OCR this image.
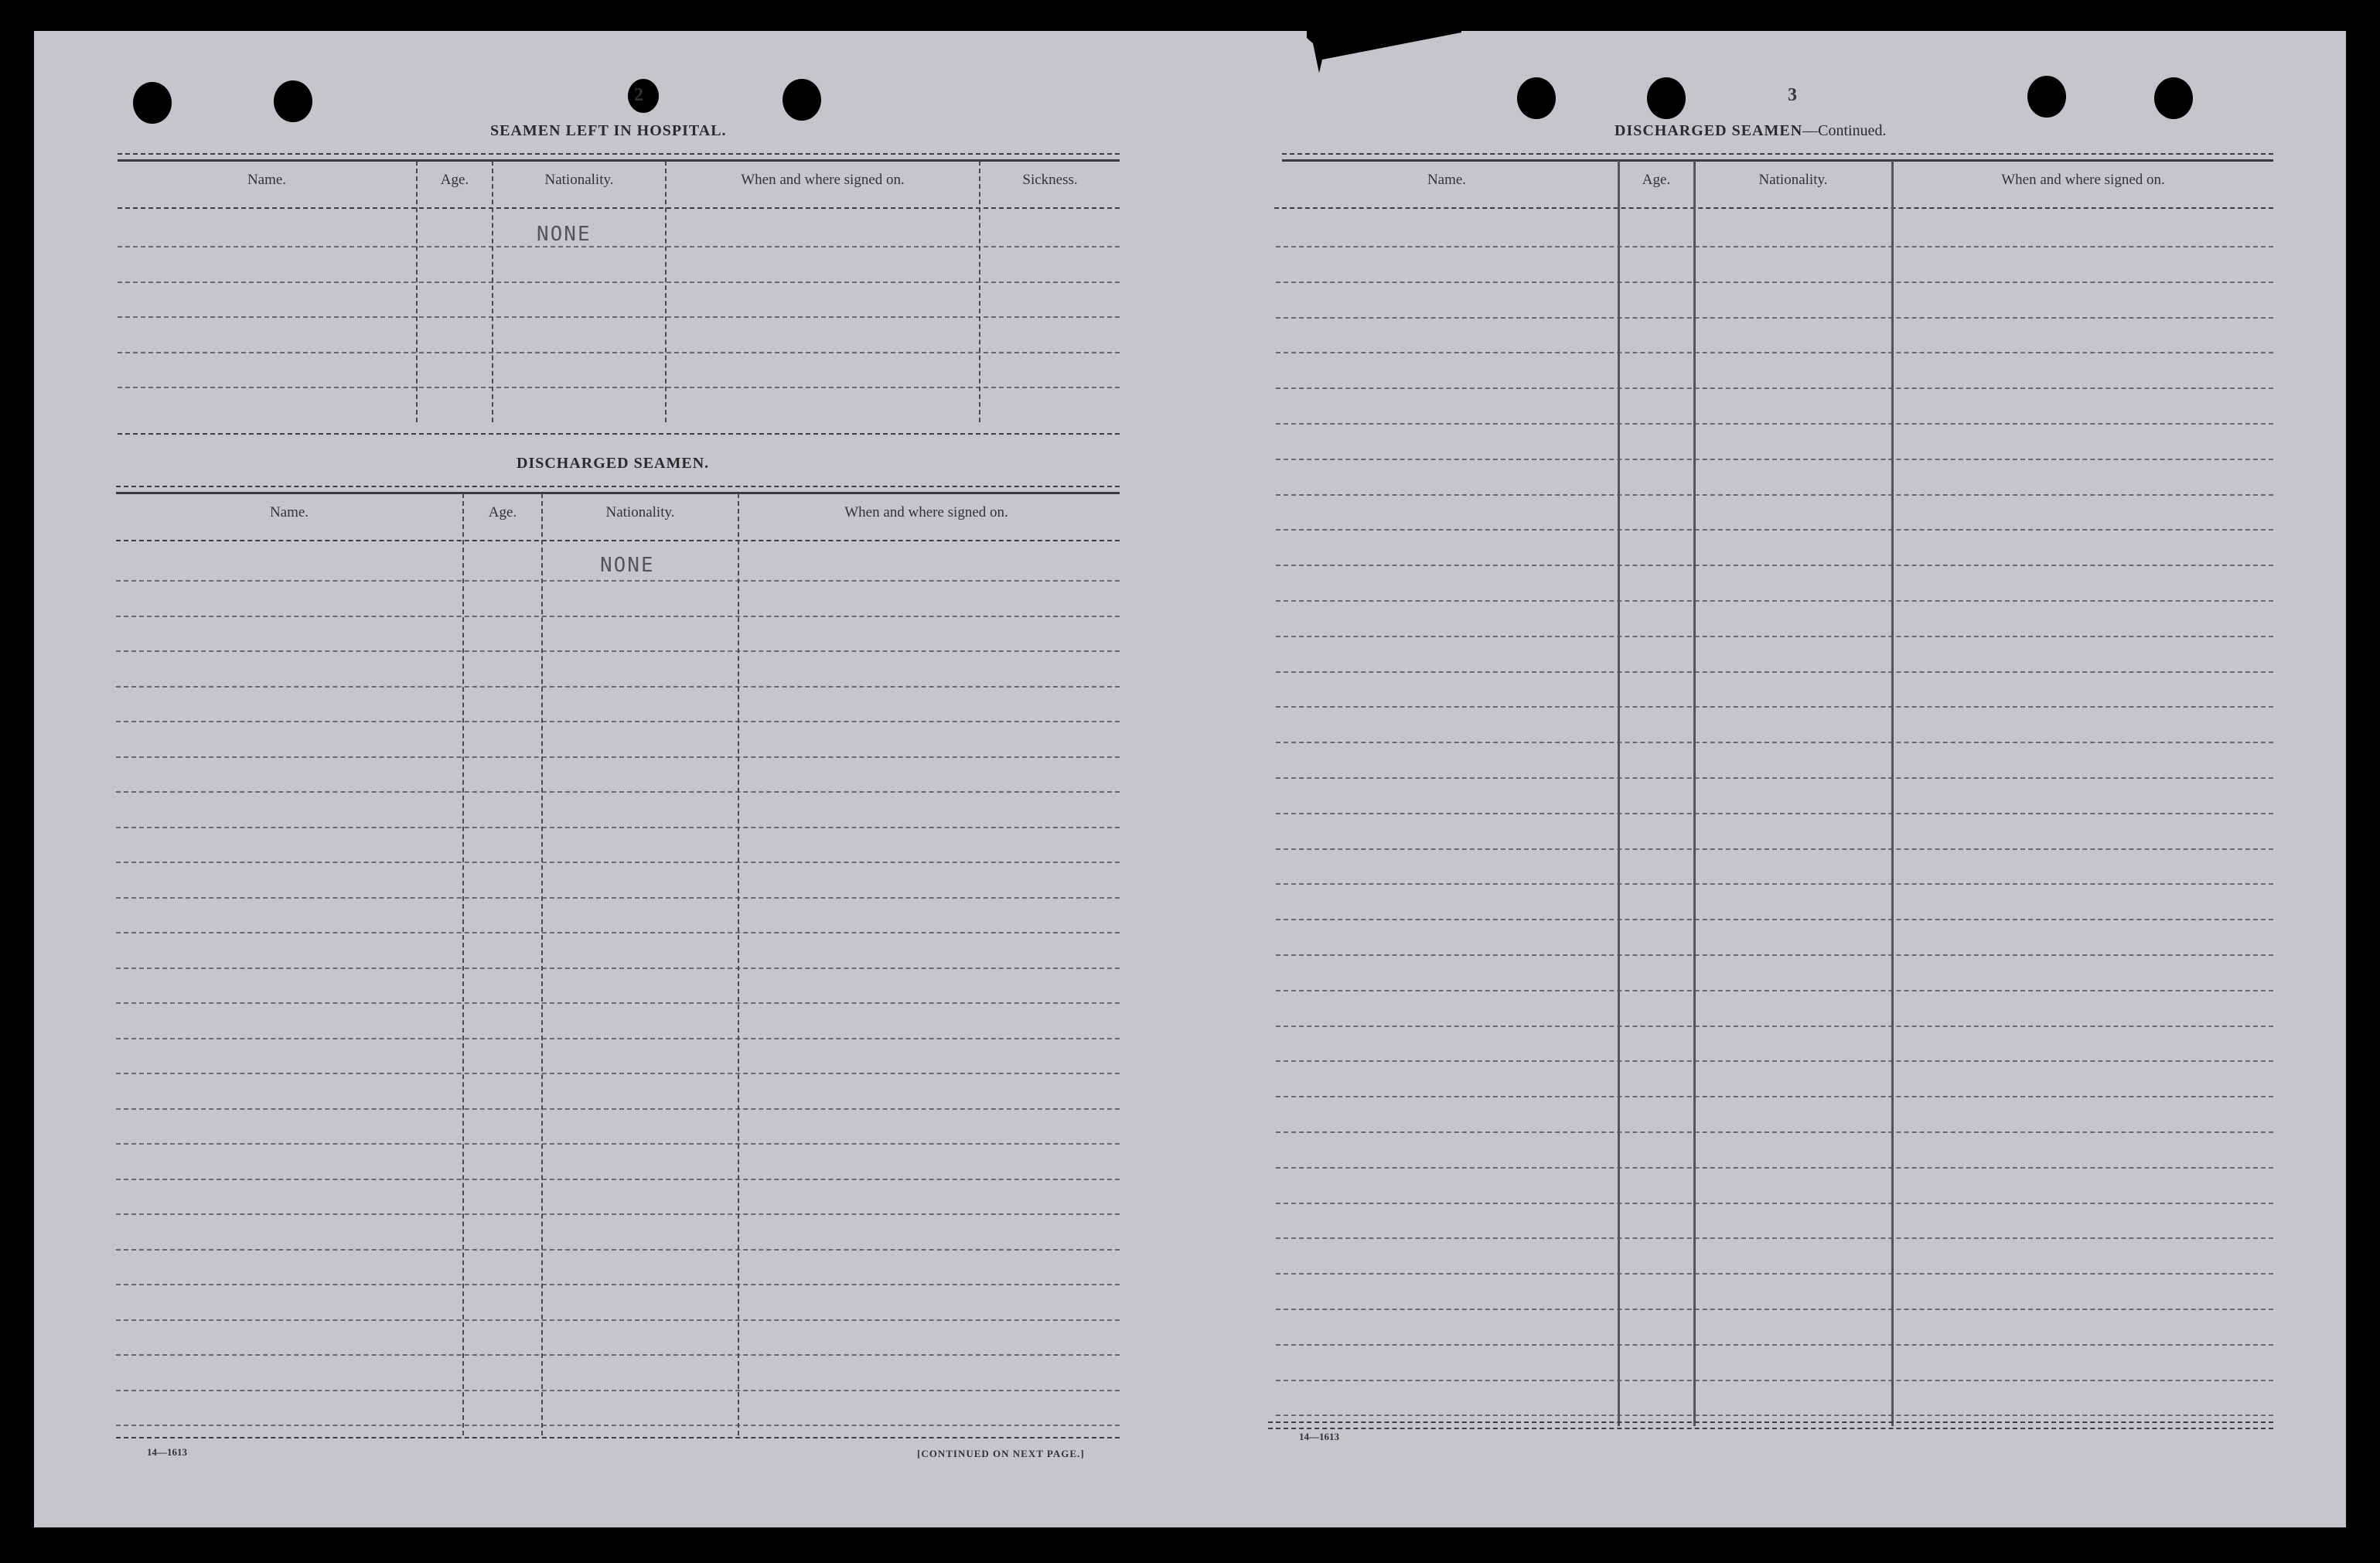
2
SEAMEN LEFT IN HOSPITAL.
Name.	Age.	Nationality.	When and where signed on.	Sickness.
NONE
DISCHARGED SEAMEN.
Name.	Age.	Nationality.	When and where signed on.
NONE
14—1613	[CONTINUED ON NEXT PAGE.]
3
DISCHARGED SEAMEN—Continued.
Name.	Age.	Nationality.	When and where signed on.
14—1613
